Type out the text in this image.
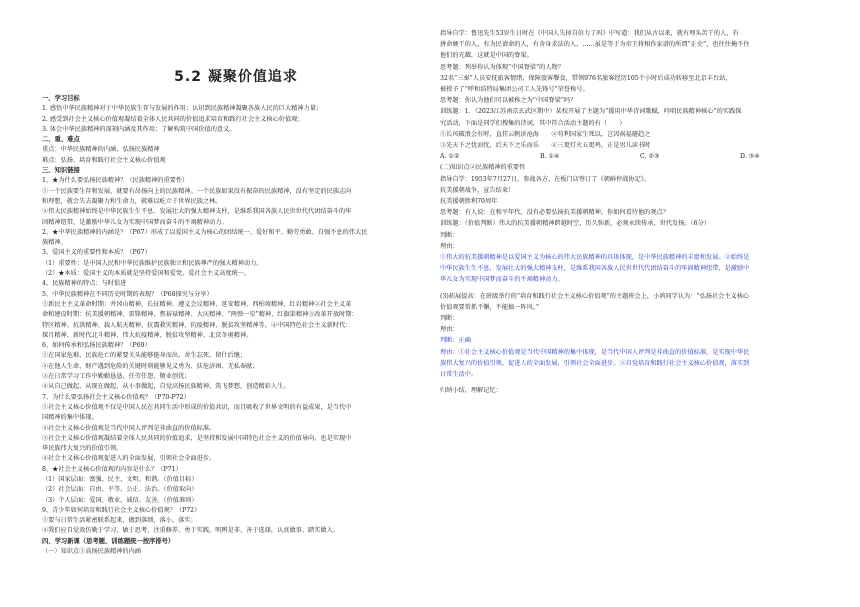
5.2 凝聚价值追求
一、学习目标
1. 感悟中华民族精神对于中华民族生存与发展的作用；认识到民族精神凝聚各族人民的巨大精神力量；
2. 感受到社会主义核心价值观凝结着全体人民共同的价值追求培育和践行社会主义核心价值观；
3. 体会中华民族精神的深刻内涵及其作用；了解构筑中国价值的意义。
二、重、难点
重点：中华民族精神的内涵、弘扬民族精神
难点：弘扬、培育和践行社会主义核心价值观
三、知识链接
1、★为什么要弘扬民族精神？（民族精神的重要性）
①一个民族要生存和发展，就要有昂扬向上的民族精神。一个民族如果没有振奋的民族精神，没有坚定的民族志向
和理想，就会失去凝聚力和生命力，就难以屹立于世界民族之林。
②伟大民族精神始终是中华民族生生不息、发展壮大的强大精神支柱，是维系我国各族人民世世代代团结奋斗的牢
固精神纽带，是激励中华儿女为实现中国梦而奋斗的不竭精神动力。
2、★中华民族精神的内涵是？（P67）形成了以爱国主义为核心的团结统一、爱好和平、勤劳勇敢、自强不息的伟大民
族精神。
3、爱国主义的重要性和本质？（P67）
（1）重要性：是中国人民和中华民族维护民族独立和民族尊严的强大精神动力。
（2）★本质：爱国主义的本质就是坚持爱国和爱党、爱社会主义高度统一。
4、民族精神的特点：与时俱进
5、中华民族精神在不同历史时期的表现？（P68探究与分享）
①新民主主义革命时期：井冈山精神、长征精神、遵义会议精神、延安精神、西柏坡精神、红岩精神②社会主义革
命和建设时期：抗美援朝精神、雷锋精神、焦裕禄精神、大庆精神、“两弹一星”精神、红旗渠精神③改革开放时期：
特区精神、抗洪精神、载人航天精神、抗震救灾精神、抗疫精神、脱贫攻坚精神等。④中国特色社会主义新时代：
探月精神、新时代北斗精神、伟大抗疫精神、脱贫攻坚精神、北京冬奥精神。
6、如何传承和弘扬民族精神？（P69）
①在国家危难、民族危亡的紧要关头能够挺身而出、舍生忘死、留什后继；
②在他人生命、财产遇到危险的关键时刻能够见义勇为、扶危济困、无私奉献；
③在日常学习工作中勤勤恳恳、任劳任怨、敬业创优；
④从自己做起、从现在做起、从小事做起，自觉高扬民族精神，筑飞梦想，创造精彩人生。
7、为什么要弘扬社会主义核心价值观？（P70-P72）
①社会主义核心价值观不仅是中国人民在共同生活中形成的价值共识，而且吸收了世界文明的有益成果，是当代中
国精神的集中体现。
②社会主义核心价值观是当代中国人评判是非曲直的价值标准。
③社会主义核心价值观凝结着全体人民共同的价值追求，是坚持和发展中国特色社会主义的价值导向，也是实现中
华民族伟大复兴的价值引领。
④社会主义核心价值观促进人的全面发展，引领社会全面进步。
8、★社会主义核心价值观的内容是什么？（P71）
（1）国家层面：富强、民主、文明、和谐。（价值目标）
（2）社会层面：自由、平等、公正、法治。（价值取向）
（3）个人层面：爱国、敬业、诚信、友善。（价值准则）
9、青少年如何培育和践行社会主义核心价值观？（P72）
①要与日常生活紧密联系起来，做到落细、落小、落实；
②我们应自觉效仿勤于学习、敏于思考、注重修养、勇于实践，明辨是非、善于选择，认真做事、踏实做人。
四、学习新课（思考题、训练题统一按序排号）
（一）知识点①高扬民族精神的内涵
指导自学：鲁迅先生53岁生日时在《中国人失掉自信力了吗》中写道：我们从古以来，就有埋头苦干的人，有
拼命硬干的人，有为民请命的人，有舍身求法的人，……虽是等于为帝王将相作家谱的所谓“正史”，也往往掩不住
他们的光耀，这就是中国的脊梁。
思考题：列举你认为体现“中国脊梁”的人物？
32名“三秦”人员安抚旅客情绪，保障旅客餐食，带领976名旅客经历105个小时后成功转移至北京丰台站，
被授予了“呼和浩特局集团公司工人先锋号”荣誉称号。
思考题：你认为他们可以被称之为“中国脊梁”吗？
训练题：1．（2023江苏南京玄武区期中）某校开展了主题为“援用中华诗词歌赋，吟唱民族精神核心”的实践探
究活动，下面是同学们搜集的诗词，其中符合活动主题的有（　　）
①长风破浪会有时，直挂云帆济沧海　　②苟利国家生死以，岂因祸福避趋之
③先天下之忧而忧，后天下之乐而乐　　④三更灯火五更鸡，正是男儿读书时
A. ①②	B. ①④	C. ②③	D. ③④
(二)知识点②民族精神的重要性
指导自学：1953年7月27日，参战各方，在板门店签订了《朝鲜停战协定》。
抗美援朝战争，宣告结束！
抗美援朝胜利70周年
思考题：有人说：在和平年代，没有必要弘扬抗美援朝精神，你如何看待他的观点？
训练题：（价值判断）伟大的抗美援朝精神跨越时空，历久弥新，必须永续传承，世代发扬。（6分）
判断：
理由：
①伟大的抗美援朝精神是以爱国主义为核心的伟大民族精神的具体体现，是中华民族精神的丰富和发展。②始终是
中华民族生生不息，发展壮大的强大精神支柱，是维系我国各族人民世世代代团结奋斗的牢固精神纽带，是激励中
华儿女为实现中国梦而奋斗的不竭精神动力。
(3)拓展提高：在班级举行的“培育和践行社会主义核心价值观”的主题班会上，小鸿同学认为：“弘扬社会主义核心
价值观要常抓不懈，不能搞一阵风。”
判断：
理由：
判断：正确
理由：①社会主义核心价值观是当代中国精神的集中体现，是当代中国人评判是非曲直的价值标准，是实现中华民
族伟大复兴的价值引领，促进人的全面发展，引领社会全面进步。②自觉培育和践行社会主义核心价值观，落实到
日常生活中。
归纳小结，理解记忆：
